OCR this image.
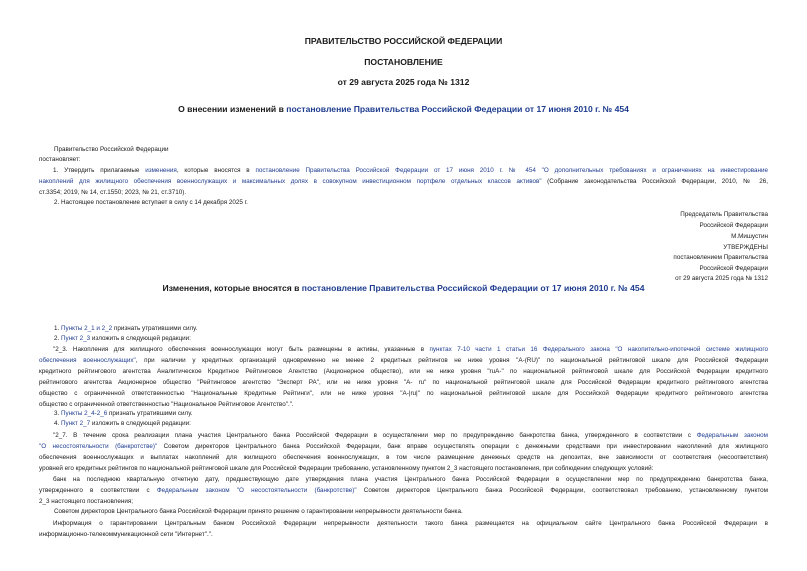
ПРАВИТЕЛЬСТВО РОССИЙСКОЙ ФЕДЕРАЦИИ
ПОСТАНОВЛЕНИЕ
от 29 августа 2025 года № 1312
О внесении изменений в постановление Правительства Российской Федерации от 17 июня 2010 г. № 454
Правительство Российской Федерации
постановляет:
1. Утвердить прилагаемые изменения, которые вносятся в постановление Правительства Российской Федерации от 17 июня 2010 г. № 454 "О дополнительных требованиях и ограничениях на инвестирование
накоплений для жилищного обеспечения военнослужащих и максимальных долях в совокупном инвестиционном портфеле отдельных классов активов" (Собрание законодательства Российской Федерации, 2010, № 26,
ст.3354; 2019, № 14, ст.1550; 2023, № 21, ст.3710).
2. Настоящее постановление вступает в силу с 14 декабря 2025 г.
Председатель Правительства
Российской Федерации
М.Мишустин
УТВЕРЖДЕНЫ
постановлением Правительства
Российской Федерации
от 29 августа 2025 года № 1312
Изменения, которые вносятся в постановление Правительства Российской Федерации от 17 июня 2010 г. № 454
1. Пункты 2_1 и 2_2 признать утратившими силу.
2. Пункт 2_3 изложить в следующей редакции:
"2_3. Накопления для жилищного обеспечения военнослужащих могут быть размещены в активы, указанные в пунктах 7-10 части 1 статьи 16 Федерального закона "О накопительно-ипотечной системе жилищного
обеспечения военнослужащих", при наличии у кредитных организаций одновременно не менее 2 кредитных рейтингов не ниже уровня "A-(RU)" по национальной рейтинговой шкале для Российской Федерации
кредитного рейтингового агентства Аналитическое Кредитное Рейтинговое Агентство (Акционерное общество), или не ниже уровня "ruA-" по национальной рейтинговой шкале для Российской Федерации кредитного
рейтингового агентства Акционерное общество "Рейтинговое агентство "Эксперт РА", или не ниже уровня "А- ru" по национальной рейтинговой шкале для Российской Федерации кредитного рейтингового агентства
общество с ограниченной ответственностью "Национальные Кредитные Рейтинги", или не ниже уровня "A-|ru|" по национальной рейтинговой шкале для Российской Федерации кредитного рейтингового агентства
общество с ограниченной ответственностью "Национальное Рейтинговое Агентство".".
3. Пункты 2_4-2_6 признать утратившими силу.
4. Пункт 2_7 изложить в следующей редакции:
"2_7. В течение срока реализации плана участия Центрального банка Российской Федерации в осуществлении мер по предупреждению банкротства банка, утвержденного в соответствии с Федеральным законом
"О несостоятельности (банкротстве)" Советом директоров Центрального банка Российской Федерации, банк вправе осуществлять операции с денежными средствами при инвестировании накоплений для жилищного
обеспечения военнослужащих и выплатах накоплений для жилищного обеспечения военнослужащих, в том числе размещение денежных средств на депозитах, вне зависимости от соответствия (несоответствия)
уровней его кредитных рейтингов по национальной рейтинговой шкале для Российской Федерации требованию, установленному пунктом 2_3 настоящего постановления, при соблюдении следующих условий:
банк на последнюю квартальную отчетную дату, предшествующую дате утверждения плана участия Центрального банка Российской Федерации в осуществлении мер по предупреждению банкротства банка,
утвержденного в соответствии с Федеральным законом "О несостоятельности (банкротстве)" Советом директоров Центрального банка Российской Федерации, соответствовал требованию, установленному пунктом
2_3 настоящего постановления;
Советом директоров Центрального банка Российской Федерации принято решение о гарантировании непрерывности деятельности банка.
Информация о гарантировании Центральным банком Российской Федерации непрерывности деятельности такого банка размещается на официальном сайте Центрального банка Российской Федерации в
информационно-телекоммуникационной сети "Интернет".".
